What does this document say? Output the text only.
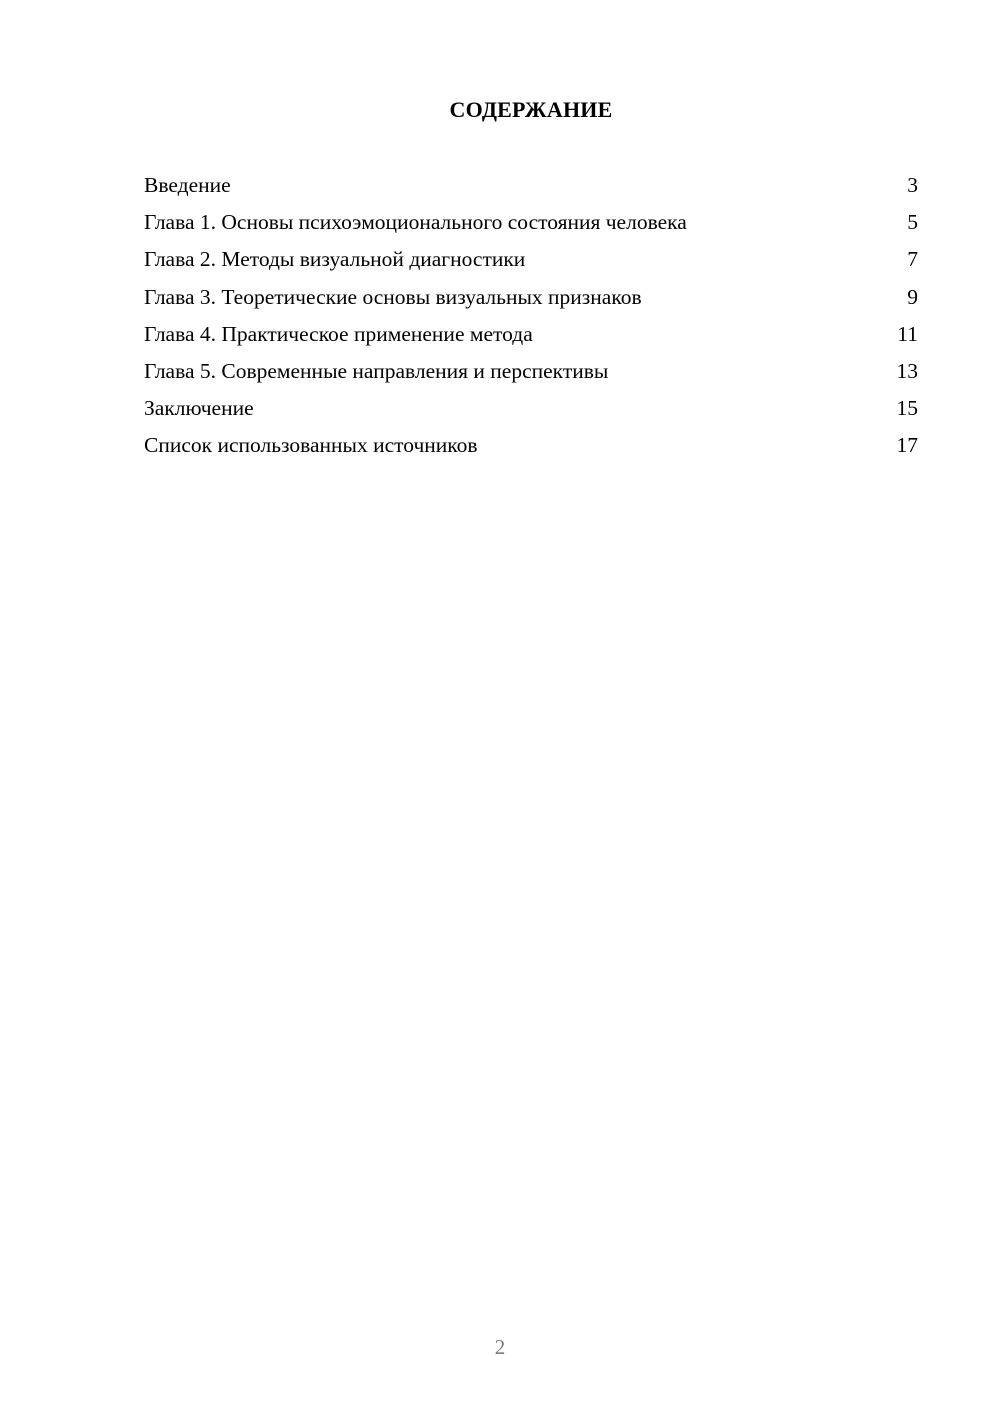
СОДЕРЖАНИЕ
Введение	3
Глава 1. Основы психоэмоционального состояния человека	5
Глава 2. Методы визуальной диагностики	7
Глава 3. Теоретические основы визуальных признаков	9
Глава 4. Практическое применение метода	11
Глава 5. Современные направления и перспективы	13
Заключение	15
Список использованных источников	17
2
